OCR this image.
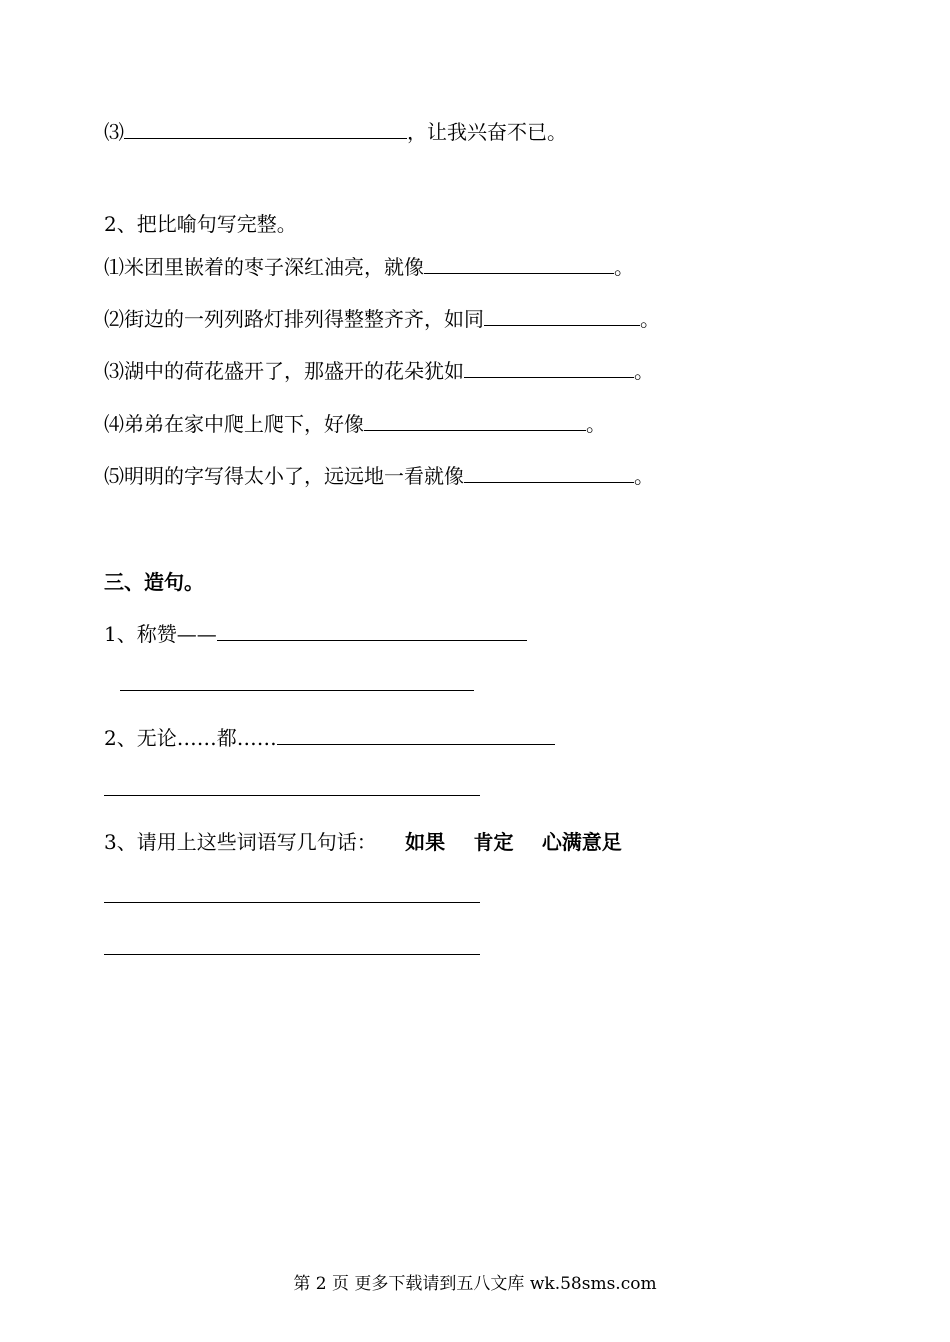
⑶	，让我兴奋不已。
2、把比喻句写完整。
⑴米团里嵌着的枣子深红油亮，就像	。
⑵街边的一列列路灯排列得整整齐齐，如同	。
⑶湖中的荷花盛开了，那盛开的花朵犹如	。
⑷弟弟在家中爬上爬下，好像	。
⑸明明的字写得太小了，远远地一看就像	。
三、造句。
1、称赞——
2、无论……都……
3、请用上这些词语写几句话： 如果 肯定 心满意足
第 2 页 更多下载请到五八文库 wk.58sms.com
